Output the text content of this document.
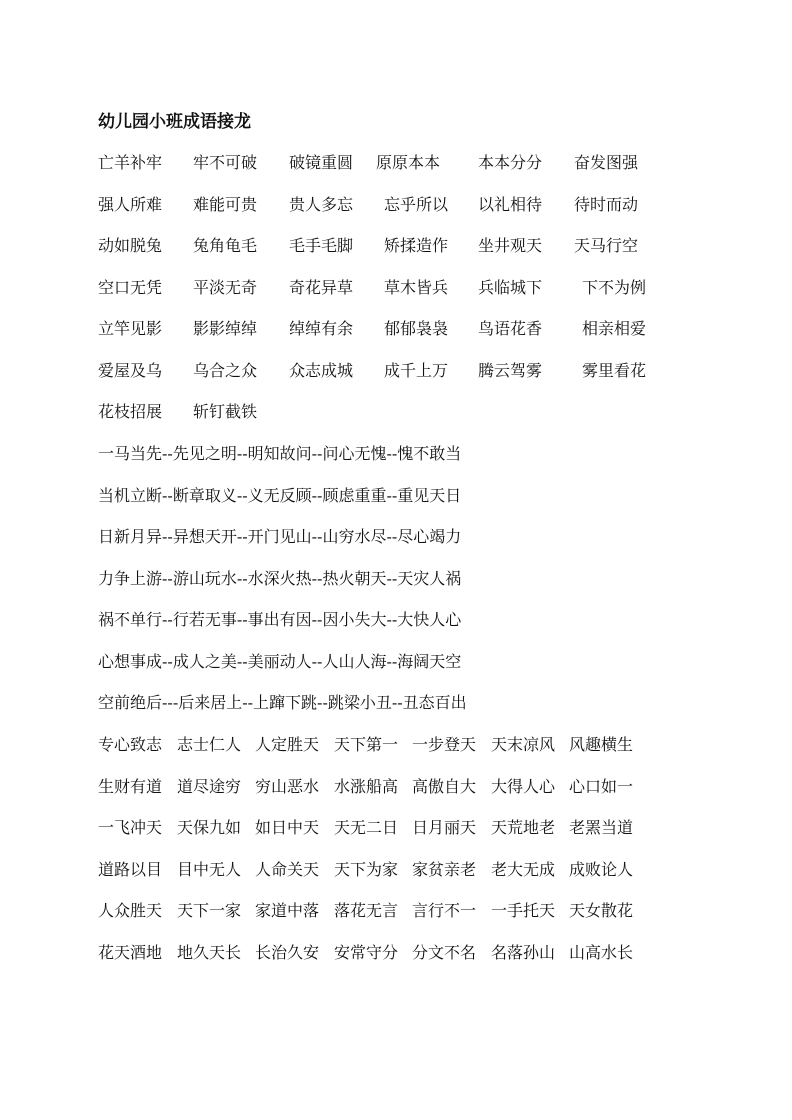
幼儿园小班成语接龙
亡羊补牢 牢不可破 破镜重圆 原原本本 本本分分 奋发图强
强人所难 难能可贵 贵人多忘 忘乎所以 以礼相待 待时而动
动如脱兔 兔角龟毛 毛手毛脚 矫揉造作 坐井观天 天马行空
空口无凭 平淡无奇 奇花异草 草木皆兵 兵临城下 下不为例
立竿见影 影影绰绰 绰绰有余 郁郁袅袅 鸟语花香 相亲相爱
爱屋及乌 乌合之众 众志成城 成千上万 腾云驾雾 雾里看花
花枝招展 斩钉截铁
一马当先--先见之明--明知故问--问心无愧--愧不敢当
当机立断--断章取义--义无反顾--顾虑重重--重见天日
日新月异--异想天开--开门见山--山穷水尽--尽心竭力
力争上游--游山玩水--水深火热--热火朝天--天灾人祸
祸不单行--行若无事--事出有因--因小失大--大快人心
心想事成--成人之美--美丽动人--人山人海--海阔天空
空前绝后---后来居上--上蹿下跳--跳梁小丑--丑态百出
专心致志 志士仁人 人定胜天 天下第一 一步登天 天末凉风 风趣横生
生财有道 道尽途穷 穷山恶水 水涨船高 高傲自大 大得人心 心口如一
一飞冲天 天保九如 如日中天 天无二日 日月丽天 天荒地老 老罴当道
道路以目 目中无人 人命关天 天下为家 家贫亲老 老大无成 成败论人
人众胜天 天下一家 家道中落 落花无言 言行不一 一手托天 天女散花
花天酒地 地久天长 长治久安 安常守分 分文不名 名落孙山 山高水长
